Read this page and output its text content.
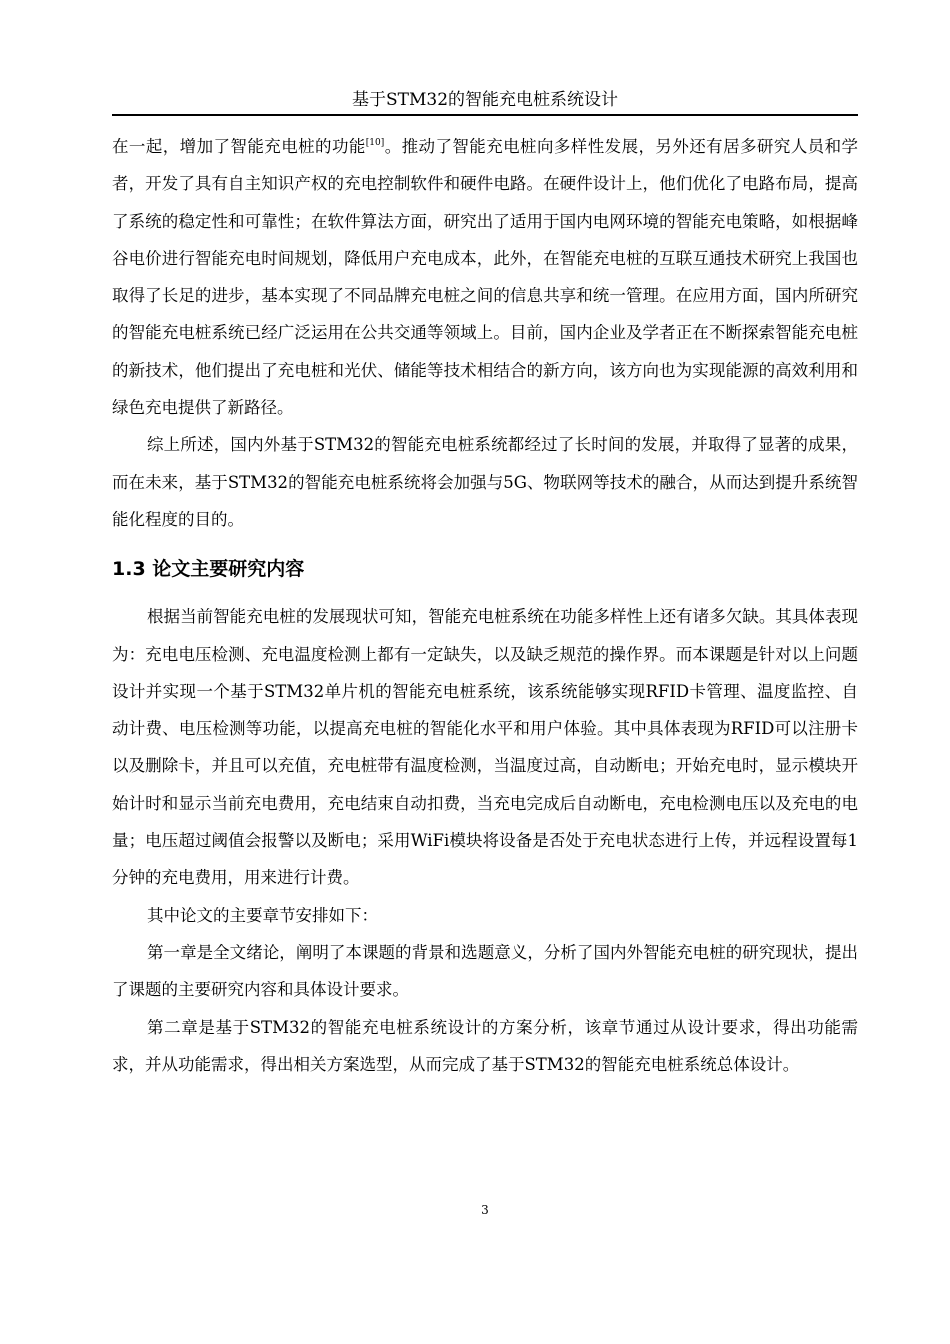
基于STM32的智能充电桩系统设计

在一起，增加了智能充电桩的功能[10]。推动了智能充电桩向多样性发展，另外还有居多研究人员和学者，开发了具有自主知识产权的充电控制软件和硬件电路。在硬件设计上，他们优化了电路布局，提高了系统的稳定性和可靠性；在软件算法方面，研究出了适用于国内电网环境的智能充电策略，如根据峰谷电价进行智能充电时间规划，降低用户充电成本，此外，在智能充电桩的互联互通技术研究上我国也取得了长足的进步，基本实现了不同品牌充电桩之间的信息共享和统一管理。在应用方面，国内所研究的智能充电桩系统已经广泛运用在公共交通等领域上。目前，国内企业及学者正在不断探索智能充电桩的新技术，他们提出了充电桩和光伏、储能等技术相结合的新方向，该方向也为实现能源的高效利用和绿色充电提供了新路径。

综上所述，国内外基于STM32的智能充电桩系统都经过了长时间的发展，并取得了显著的成果，而在未来，基于STM32的智能充电桩系统将会加强与5G、物联网等技术的融合，从而达到提升系统智能化程度的目的。

1.3 论文主要研究内容

根据当前智能充电桩的发展现状可知，智能充电桩系统在功能多样性上还有诸多欠缺。其具体表现为：充电电压检测、充电温度检测上都有一定缺失，以及缺乏规范的操作界。而本课题是针对以上问题设计并实现一个基于STM32单片机的智能充电桩系统，该系统能够实现RFID卡管理、温度监控、自动计费、电压检测等功能，以提高充电桩的智能化水平和用户体验。其中具体表现为RFID可以注册卡以及删除卡，并且可以充值，充电桩带有温度检测，当温度过高，自动断电；开始充电时，显示模块开始计时和显示当前充电费用，充电结束自动扣费，当充电完成后自动断电，充电检测电压以及充电的电量；电压超过阈值会报警以及断电；采用WiFi模块将设备是否处于充电状态进行上传，并远程设置每1分钟的充电费用，用来进行计费。

其中论文的主要章节安排如下：

第一章是全文绪论，阐明了本课题的背景和选题意义，分析了国内外智能充电桩的研究现状，提出了课题的主要研究内容和具体设计要求。

第二章是基于STM32的智能充电桩系统设计的方案分析，该章节通过从设计要求，得出功能需求，并从功能需求，得出相关方案选型，从而完成了基于STM32的智能充电桩系统总体设计。

3
